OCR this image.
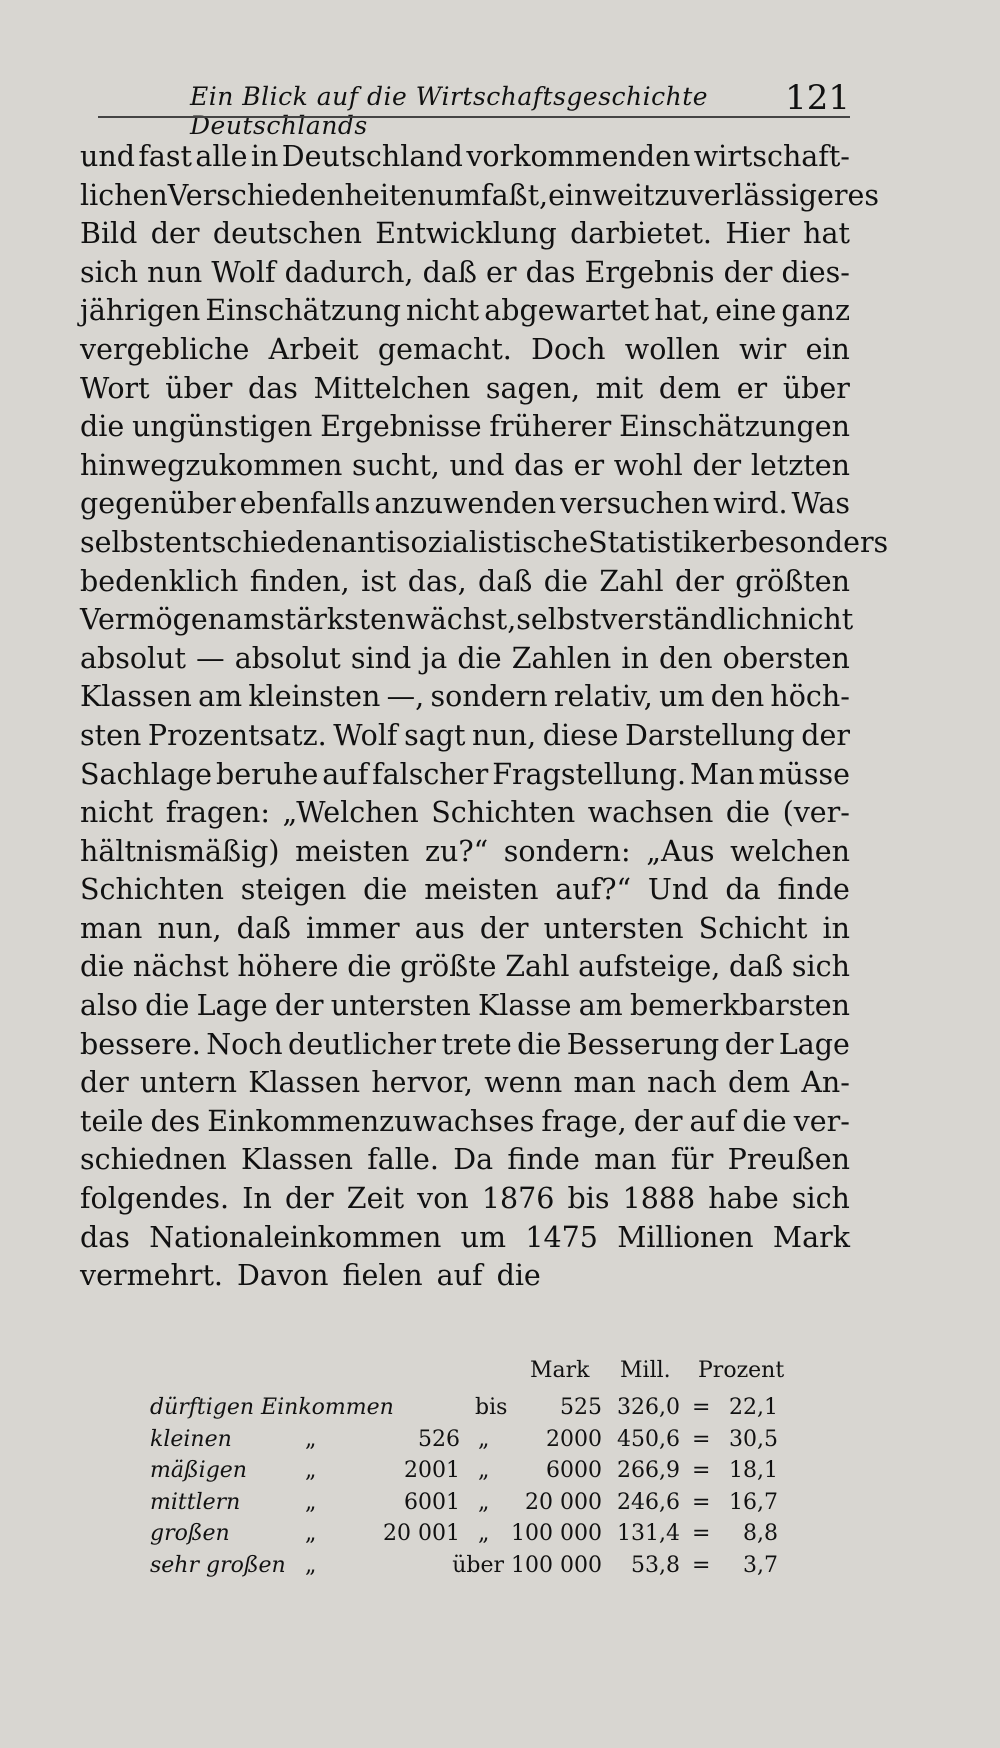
Ein Blick auf die Wirtschaftsgeschichte Deutschlands
121
und fast alle in Deutschland vorkommenden wirtschaft-
lichen Verschiedenheiten umfaßt, ein weit zuverlässigeres
Bild der deutschen Entwicklung darbietet. Hier hat
sich nun Wolf dadurch, daß er das Ergebnis der dies-
jährigen Einschätzung nicht abgewartet hat, eine ganz
vergebliche Arbeit gemacht. Doch wollen wir ein
Wort über das Mittelchen sagen, mit dem er über
die ungünstigen Ergebnisse früherer Einschätzungen
hinwegzukommen sucht, und das er wohl der letzten
gegenüber ebenfalls anzuwenden versuchen wird. Was
selbst entschieden antisozialistische Statistiker besonders
bedenklich finden, ist das, daß die Zahl der größten
Vermögen am stärksten wächst, selbstverständlich nicht
absolut — absolut sind ja die Zahlen in den obersten
Klassen am kleinsten —, sondern relativ, um den höch-
sten Prozentsatz. Wolf sagt nun, diese Darstellung der
Sachlage beruhe auf falscher Fragstellung. Man müsse
nicht fragen: „Welchen Schichten wachsen die (ver-
hältnismäßig) meisten zu?“ sondern: „Aus welchen
Schichten steigen die meisten auf?“ Und da finde
man nun, daß immer aus der untersten Schicht in
die nächst höhere die größte Zahl aufsteige, daß sich
also die Lage der untersten Klasse am bemerkbarsten
bessere. Noch deutlicher trete die Besserung der Lage
der untern Klassen hervor, wenn man nach dem An-
teile des Einkommenzuwachses frage, der auf die ver-
schiednen Klassen falle. Da finde man für Preußen
folgendes. In der Zeit von 1876 bis 1888 habe sich
das Nationaleinkommen um 1475 Millionen Mark
vermehrt. Davon fielen auf die
Mark Mill. Prozent
dürftigen Einkommen	bis	525 326,0 = 22,1
kleinen	„	526 „	2000 450,6 = 30,5
mäßigen	„	2001 „	6000 266,9 = 18,1
mittlern	„	6001 „	20 000 246,6 = 16,7
großen	„	20 001 „ 100 000 131,4 =	8,8
sehr großen „	über 100 000	53,8 =	3,7
